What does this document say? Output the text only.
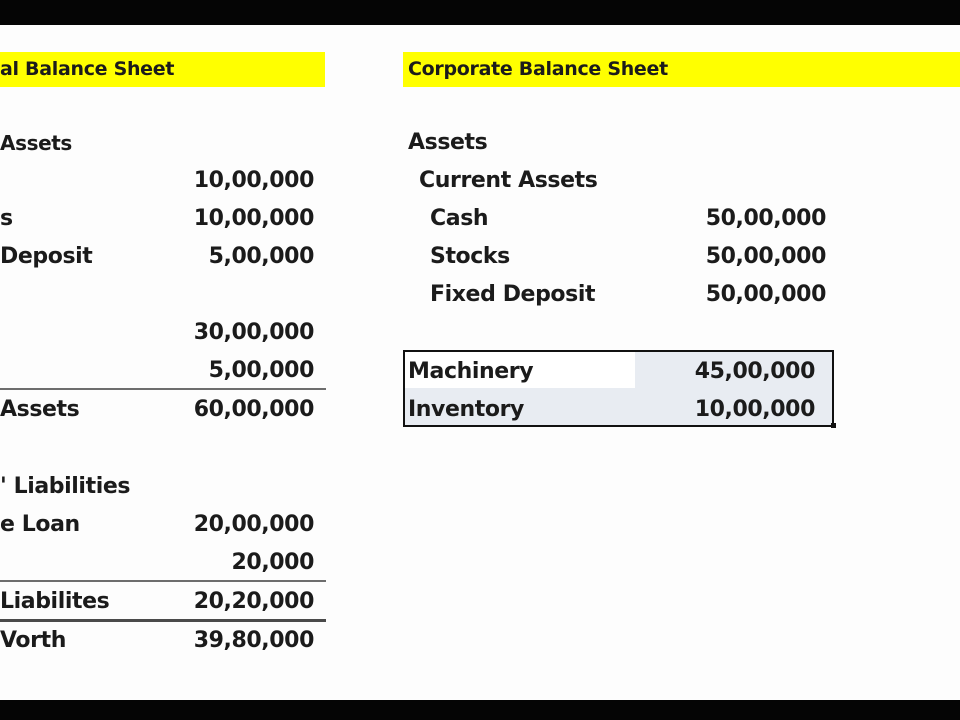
al Balance Sheet
Assets
10,00,000
s	10,00,000
Deposit	5,00,000
30,00,000
5,00,000
Assets	60,00,000
' Liabilities
e Loan	20,00,000
20,000
Liabilites	20,20,000
Vorth	39,80,000
Corporate Balance Sheet
Assets
Current Assets
Cash	50,00,000
Stocks	50,00,000
Fixed Deposit	50,00,000
Machinery	45,00,000
Inventory	10,00,000
